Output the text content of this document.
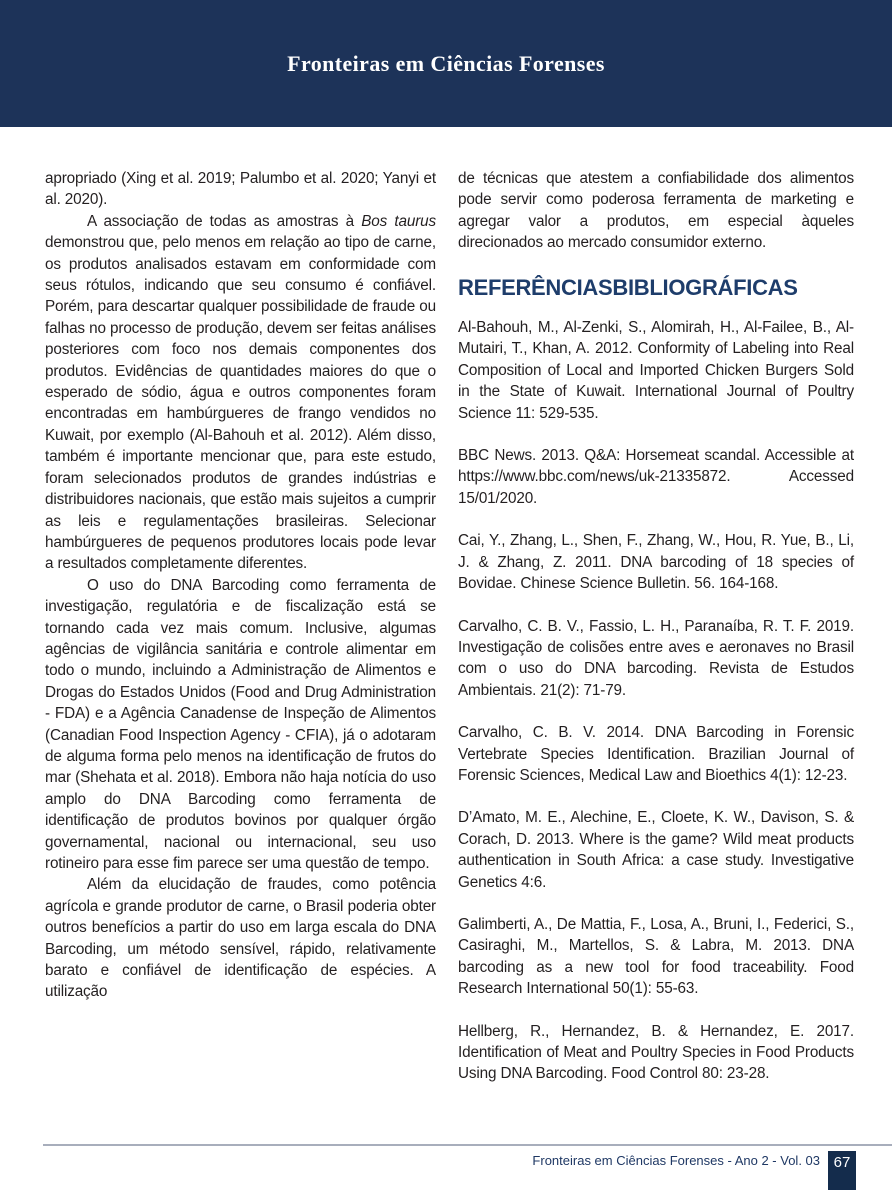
Fronteiras em Ciências Forenses

apropriado (Xing et al. 2019; Palumbo et al. 2020; Yanyi et al. 2020).

A associação de todas as amostras à Bos taurus demonstrou que, pelo menos em relação ao tipo de carne, os produtos analisados estavam em conformidade com seus rótulos, indicando que seu consumo é confiável. Porém, para descartar qualquer possibilidade de fraude ou falhas no processo de produção, devem ser feitas análises posteriores com foco nos demais componentes dos produtos. Evidências de quantidades maiores do que o esperado de sódio, água e outros componentes foram encontradas em hambúrgueres de frango vendidos no Kuwait, por exemplo (Al-Bahouh et al. 2012). Além disso, também é importante mencionar que, para este estudo, foram selecionados produtos de grandes indústrias e distribuidores nacionais, que estão mais sujeitos a cumprir as leis e regulamentações brasileiras. Selecionar hambúrgueres de pequenos produtores locais pode levar a resultados completamente diferentes.

O uso do DNA Barcoding como ferramenta de investigação, regulatória e de fiscalização está se tornando cada vez mais comum. Inclusive, algumas agências de vigilância sanitária e controle alimentar em todo o mundo, incluindo a Administração de Alimentos e Drogas do Estados Unidos (Food and Drug Administration - FDA) e a Agência Canadense de Inspeção de Alimentos (Canadian Food Inspection Agency - CFIA), já o adotaram de alguma forma pelo menos na identificação de frutos do mar (Shehata et al. 2018). Embora não haja notícia do uso amplo do DNA Barcoding como ferramenta de identificação de produtos bovinos por qualquer órgão governamental, nacional ou internacional, seu uso rotineiro para esse fim parece ser uma questão de tempo.

Além da elucidação de fraudes, como potência agrícola e grande produtor de carne, o Brasil poderia obter outros benefícios a partir do uso em larga escala do DNA Barcoding, um método sensível, rápido, relativamente barato e confiável de identificação de espécies. A utilização

de técnicas que atestem a confiabilidade dos alimentos pode servir como poderosa ferramenta de marketing e agregar valor a produtos, em especial àqueles direcionados ao mercado consumidor externo.

REFERÊNCIASBIBLIOGRÁFICAS

Al-Bahouh, M., Al-Zenki, S., Alomirah, H., Al-Failee, B., Al-Mutairi, T., Khan, A. 2012. Conformity of Labeling into Real Composition of Local and Imported Chicken Burgers Sold in the State of Kuwait. International Journal of Poultry Science 11: 529-535.

BBC News. 2013. Q&A: Horsemeat scandal. Accessible at https://www.bbc.com/news/uk-21335872. Accessed 15/01/2020.

Cai, Y., Zhang, L., Shen, F., Zhang, W., Hou, R. Yue, B., Li, J. & Zhang, Z. 2011. DNA barcoding of 18 species of Bovidae. Chinese Science Bulletin. 56. 164-168.

Carvalho, C. B. V., Fassio, L. H., Paranaíba, R. T. F. 2019. Investigação de colisões entre aves e aeronaves no Brasil com o uso do DNA barcoding. Revista de Estudos Ambientais. 21(2): 71-79.

Carvalho, C. B. V. 2014. DNA Barcoding in Forensic Vertebrate Species Identification. Brazilian Journal of Forensic Sciences, Medical Law and Bioethics 4(1): 12-23.

D’Amato, M. E., Alechine, E., Cloete, K. W., Davison, S. & Corach, D. 2013. Where is the game? Wild meat products authentication in South Africa: a case study. Investigative Genetics 4:6.

Galimberti, A., De Mattia, F., Losa, A., Bruni, I., Federici, S., Casiraghi, M., Martellos, S. & Labra, M. 2013. DNA barcoding as a new tool for food traceability. Food Research International 50(1): 55-63.

Hellberg, R., Hernandez, B. & Hernandez, E. 2017. Identification of Meat and Poultry Species in Food Products Using DNA Barcoding. Food Control 80: 23-28.

Fronteiras em Ciências Forenses - Ano 2 - Vol. 03 67
